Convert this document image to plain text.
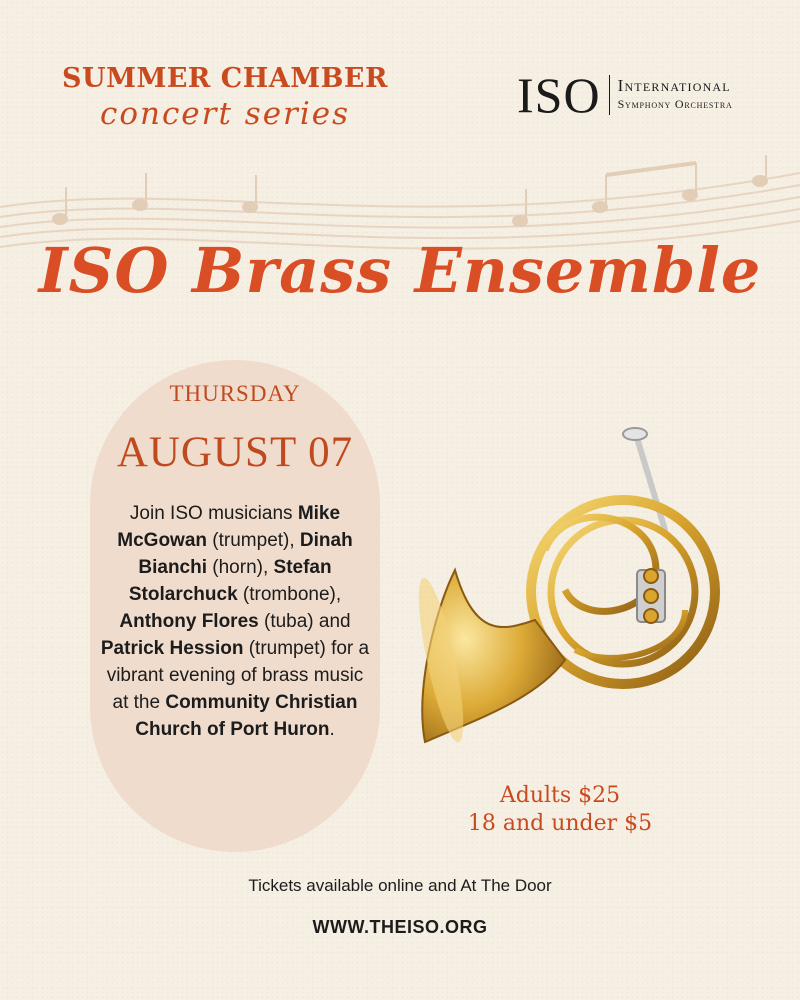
SUMMER CHAMBER
concert series	ISO International
Symphony Orchestra
ISO Brass Ensemble
THURSDAY
AUGUST 07
Join ISO musicians Mike McGowan (trumpet), Dinah Bianchi (horn), Stefan Stolarchuck (trombone), Anthony Flores (tuba) and Patrick Hession (trumpet) for a vibrant evening of brass music at the Community Christian Church of Port Huron.
Adults $25
18 and under $5
Tickets available online and At The Door
WWW.THEISO.ORG
